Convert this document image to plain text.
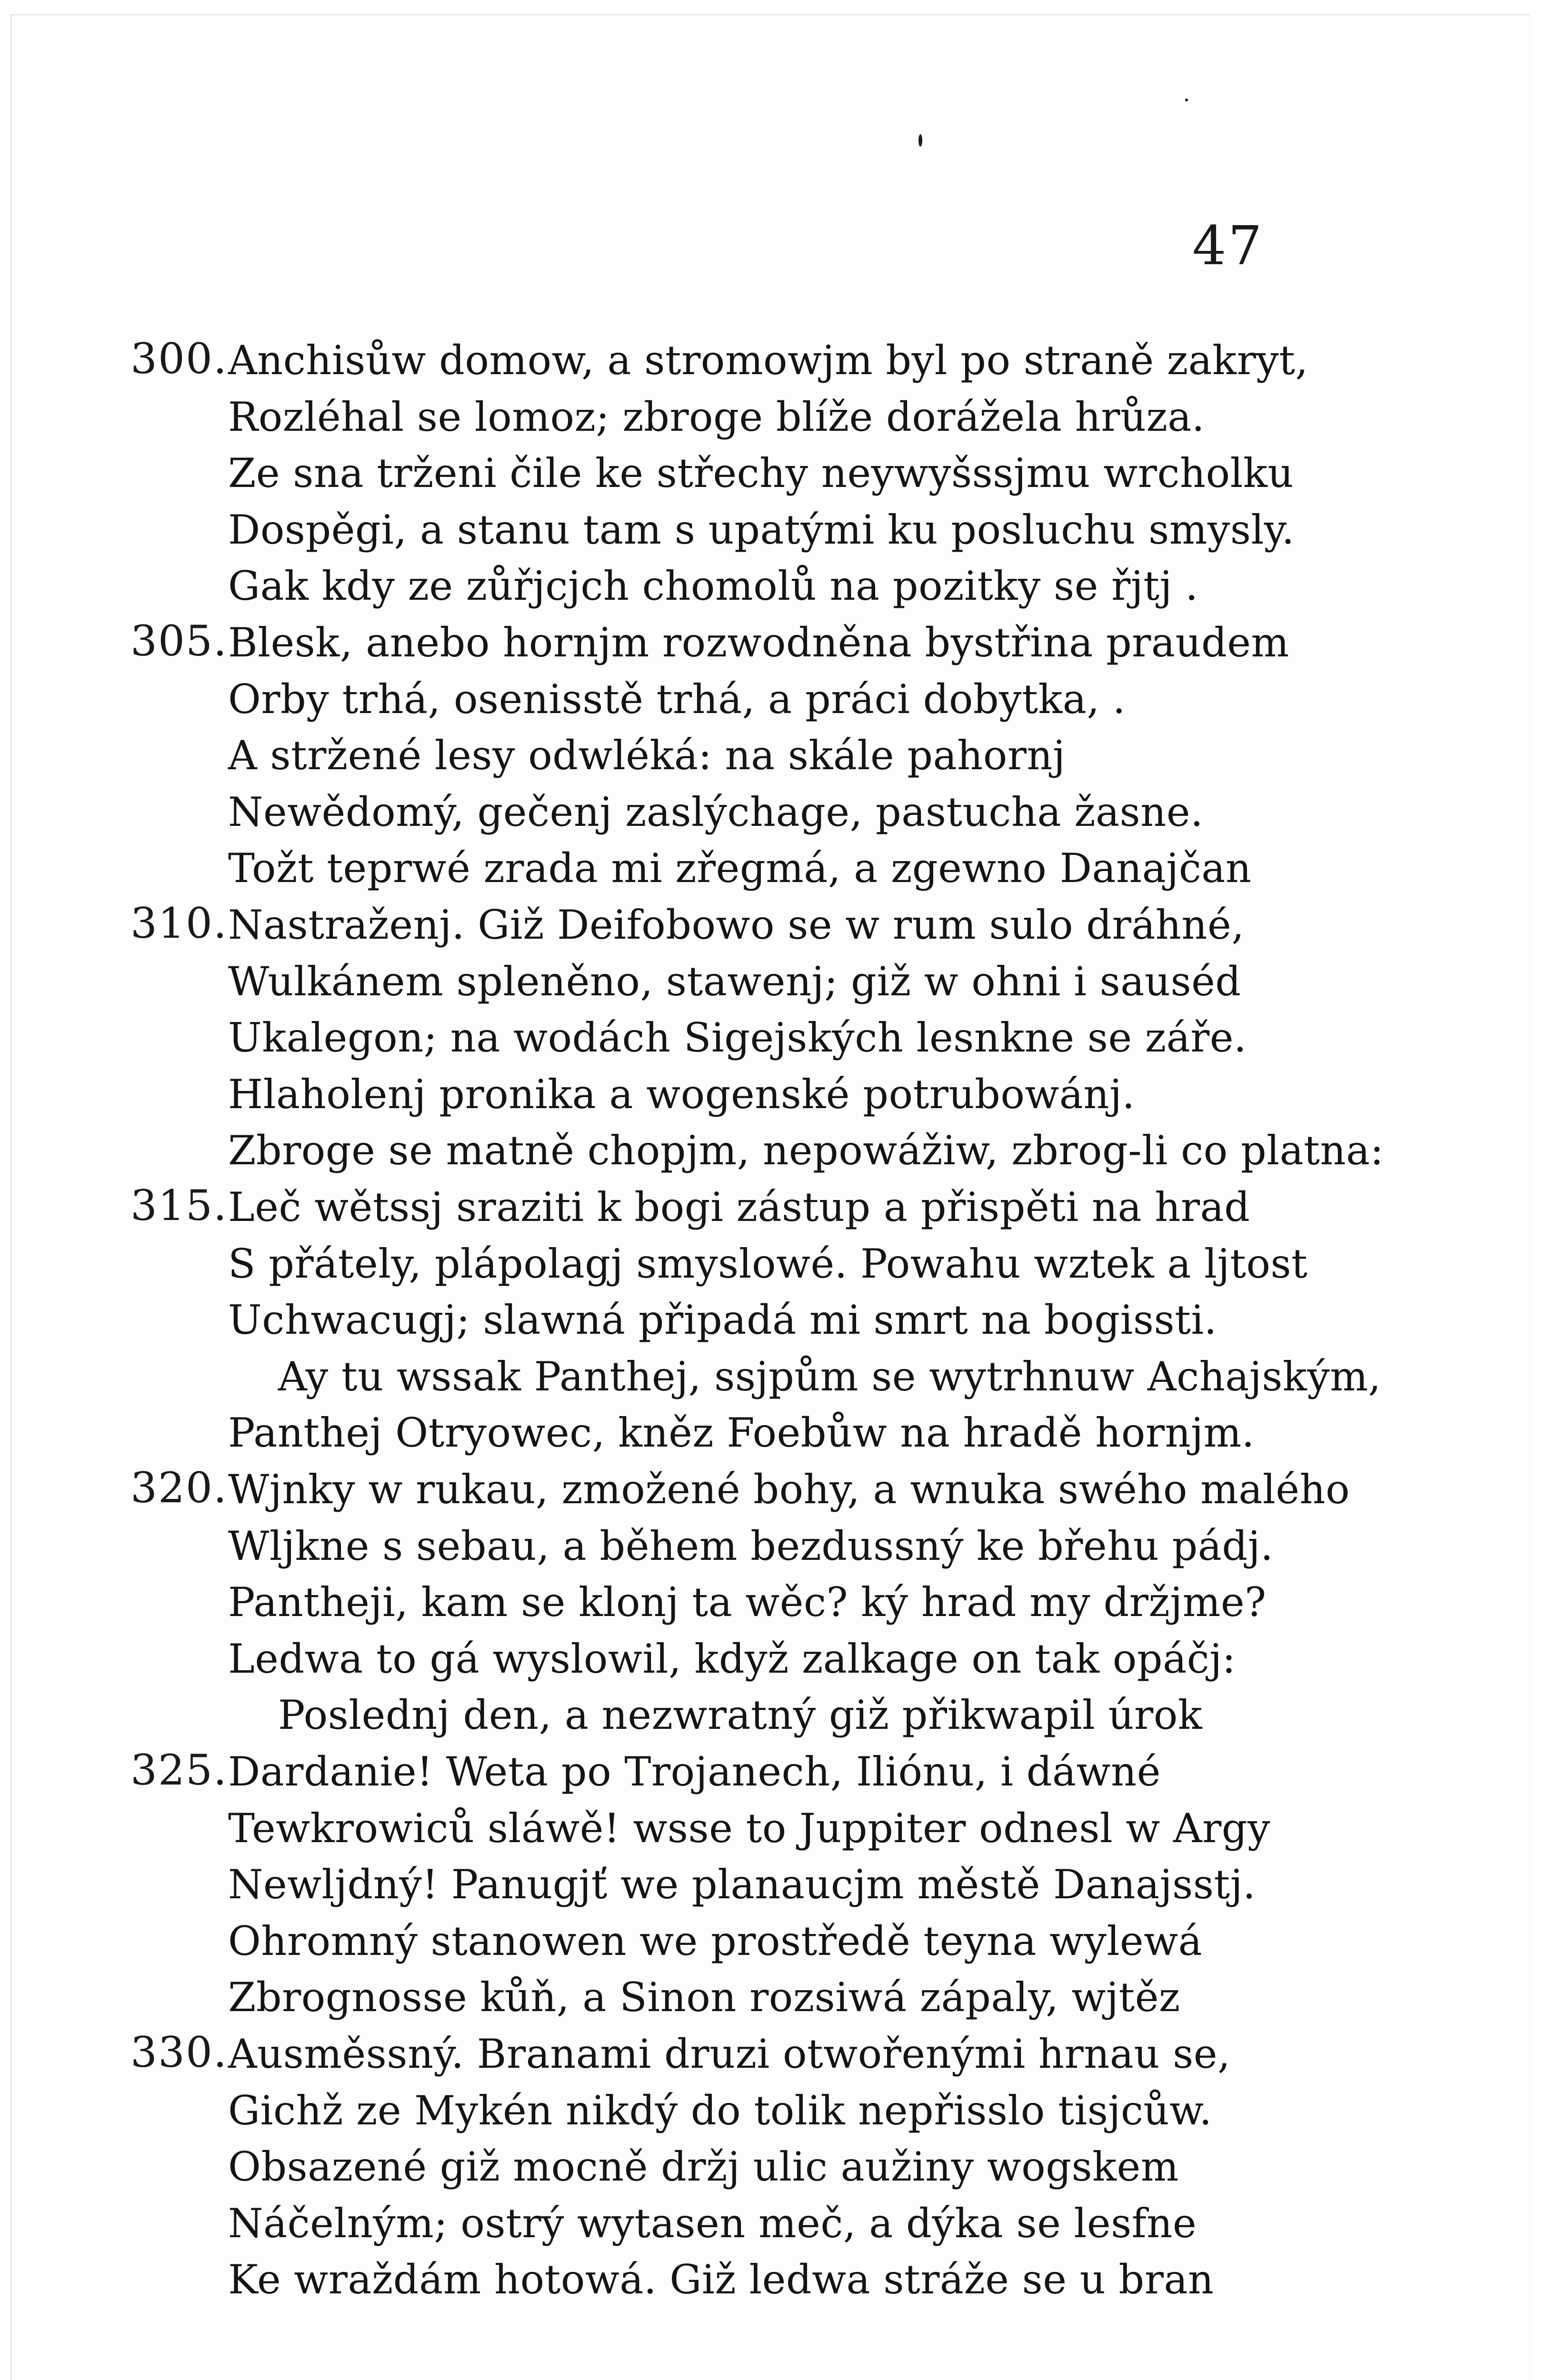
47
300. Anchisůw domow, a stromowjm byl po straně zakryt,
Rozléhal se lomoz; zbroge blíže dorážela hrůza.
Ze sna trženi čile ke střechy neywyšssjmu wrcholku
Dospěgi, a stanu tam s upatými ku posluchu smysly.
Gak kdy ze zůřjcjch chomolů na pozitky se řjtj .
305. Blesk, anebo hornjm rozwodněna bystřina praudem
Orby trhá, osenisstě trhá, a práci dobytka, .
A stržené lesy odwléká: na skále pahornj
Newědomý, gečenj zaslýchage, pastucha žasne.
Tožt teprwé zrada mi zřegmá, a zgewno Danajčan
310. Nastraženj. Giž Deifobowo se w rum sulo dráhné,
Wulkánem spleněno, stawenj; giž w ohni i sauséd
Ukalegon; na wodách Sigejských lesnkne se záře.
Hlaholenj pronika a wogenské potrubowánj.
Zbroge se matně chopjm, nepowážiw, zbrog-li co platna:
315. Leč wětssj sraziti k bogi zástup a přispěti na hrad
S přátely, plápolagj smyslowé. Powahu wztek a ljtost
Uchwacugj; slawná připadá mi smrt na bogissti.
Ay tu wssak Panthej, ssjpům se wytrhnuw Achajským,
Panthej Otryowec, kněz Foebůw na hradě hornjm.
320. Wjnky w rukau, zmožené bohy, a wnuka swého malého
Wljkne s sebau, a během bezdussný ke břehu pádj.
Pantheji, kam se klonj ta wěc? ký hrad my držjme?
Ledwa to gá wyslowil, když zalkage on tak opáčj:
Poslednj den, a nezwratný giž přikwapil úrok
325. Dardanie! Weta po Trojanech, Iliónu, i dáwné
Tewkrowiců sláwě! wsse to Juppiter odnesl w Argy
Newljdný! Panugjť we planaucjm městě Danajsstj.
Ohromný stanowen we prostředě teyna wylewá
Zbrognosse kůň, a Sinon rozsiwá zápaly, wjtěz
330. Ausměssný. Branami druzi otwořenými hrnau se,
Gichž ze Mykén nikdý do tolik nepřisslo tisjcůw.
Obsazené giž mocně držj ulic aužiny wogskem
Náčelným; ostrý wytasen meč, a dýka se lesfne
Ke wraždám hotowá. Giž ledwa stráže se u bran
